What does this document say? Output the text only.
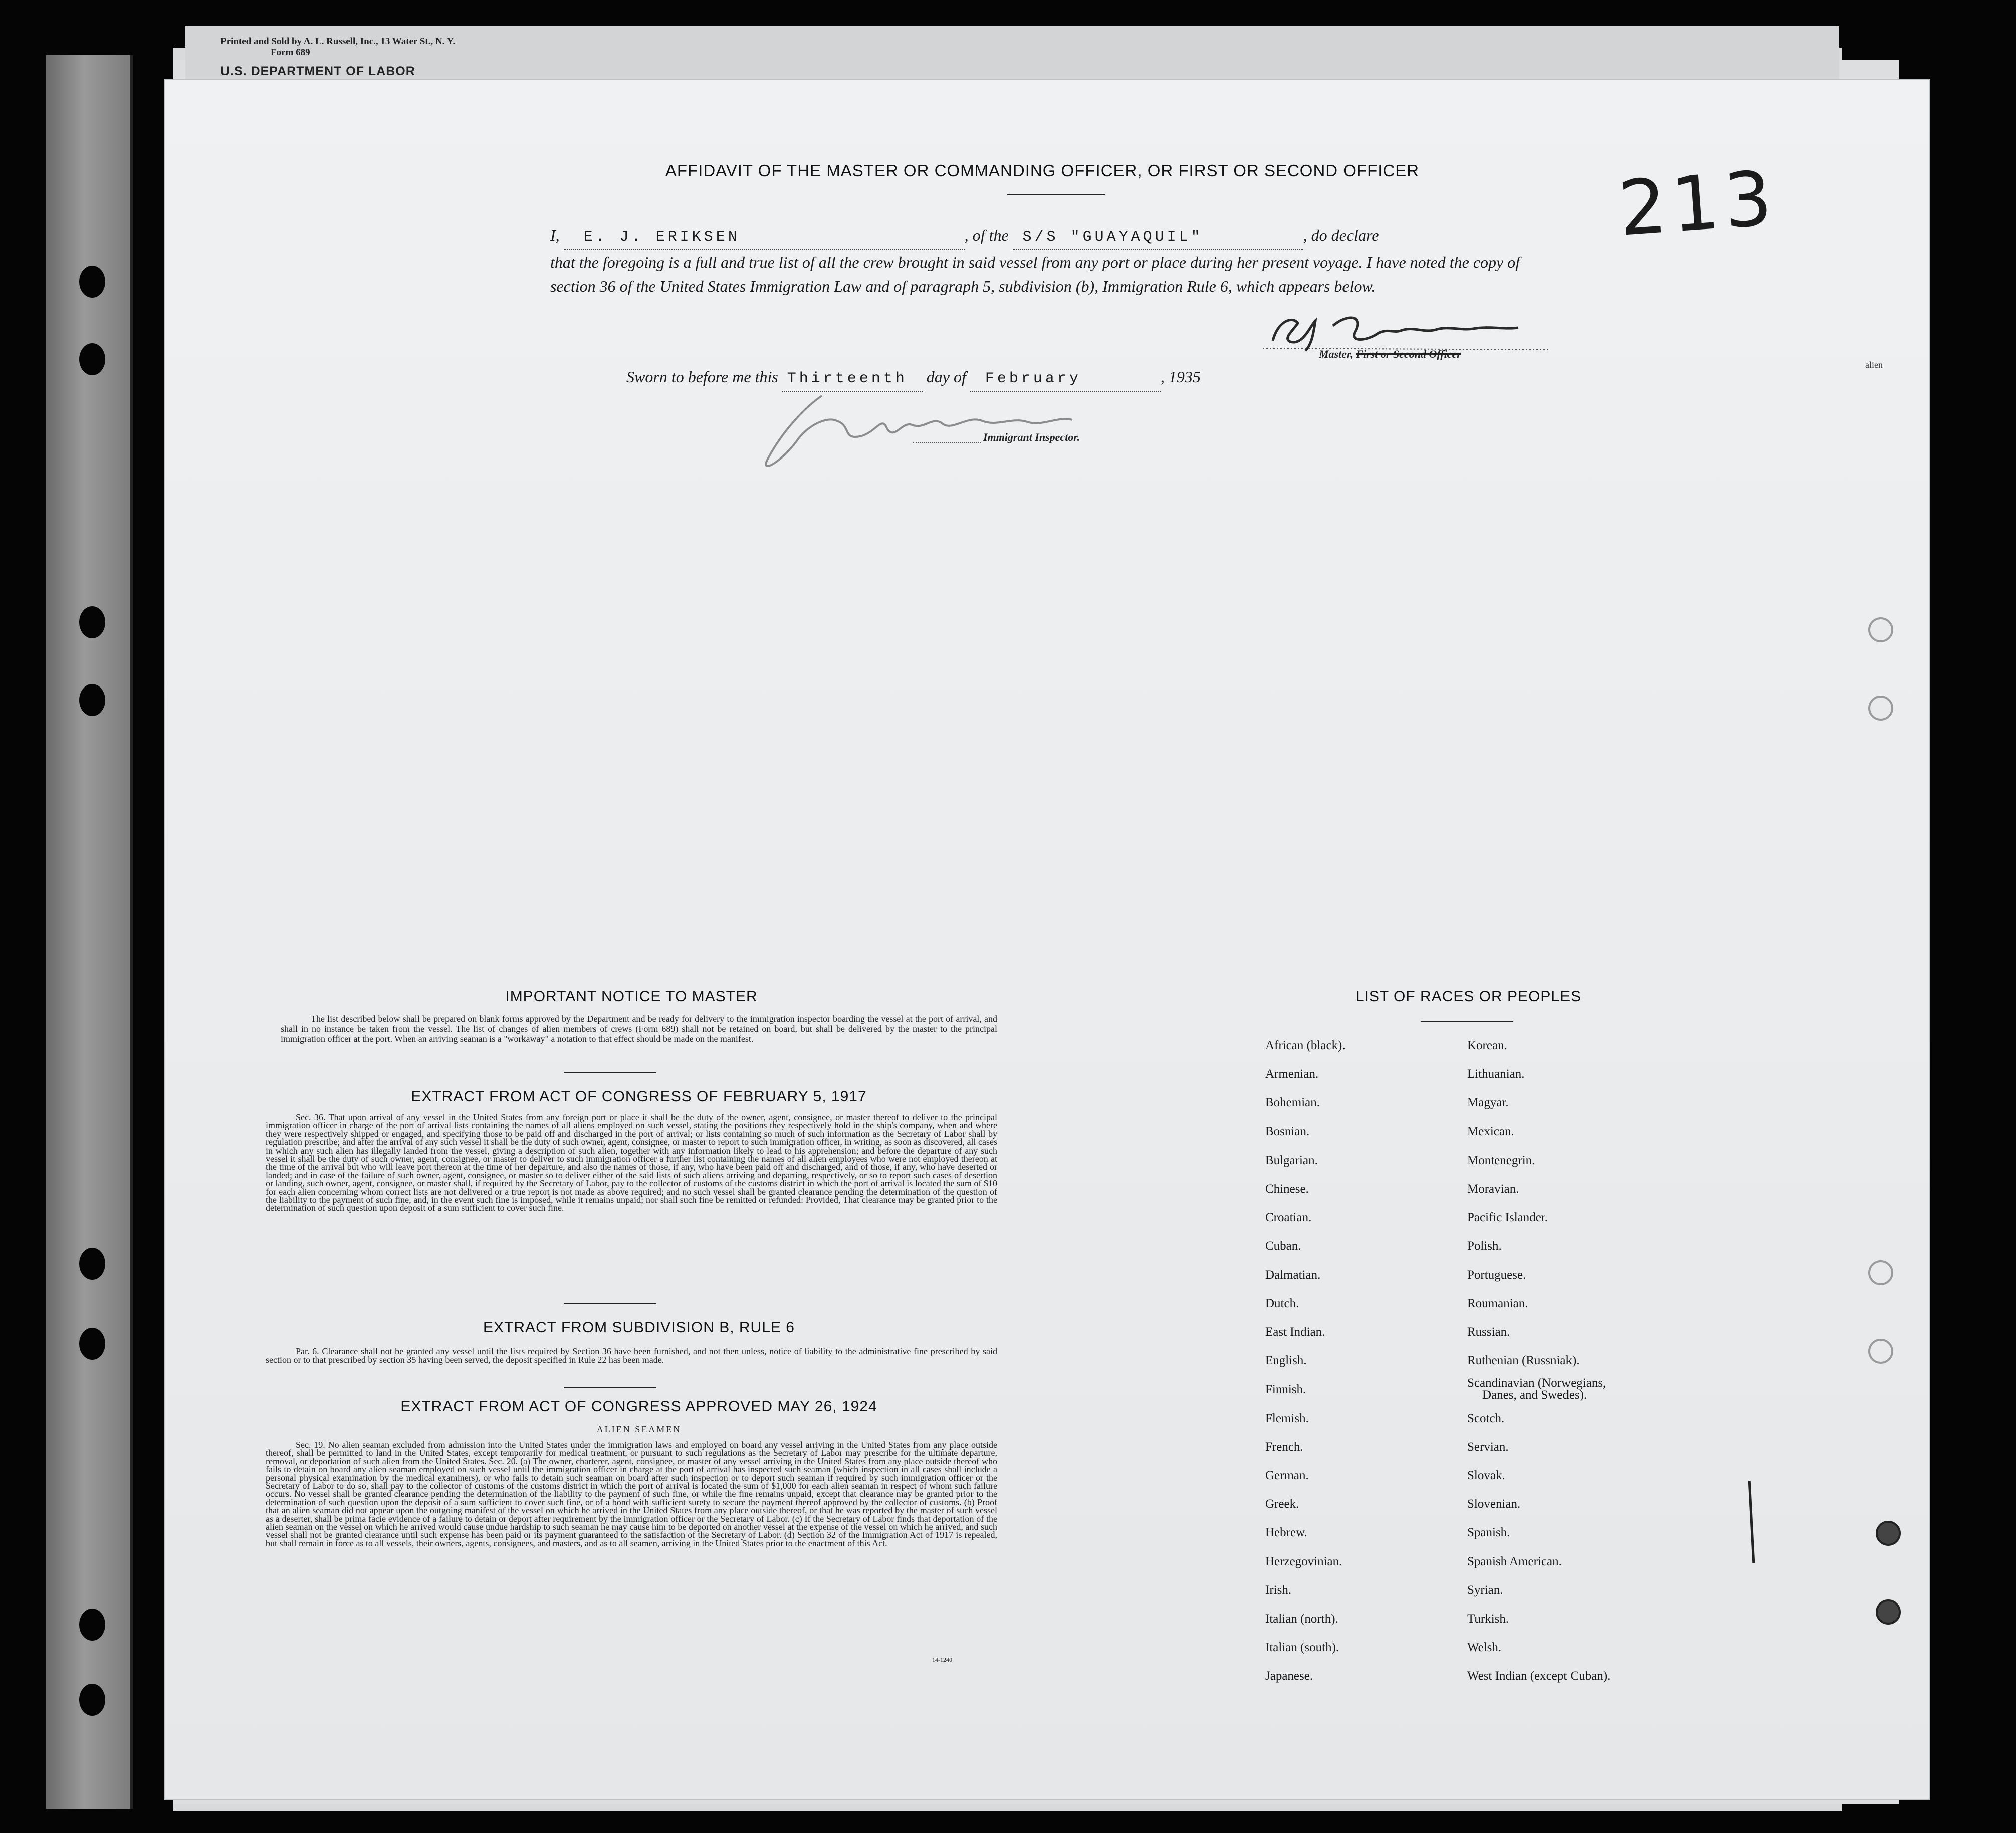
Printed and Sold by A. L. Russell, Inc., 13 Water St., N. Y.
Form 689
U.S. DEPARTMENT OF LABOR
213
AFFIDAVIT OF THE MASTER OR COMMANDING OFFICER, OR FIRST OR SECOND OFFICER
I, E. J. ERIKSEN	, of the S/S "GUAYAQUIL"	, do declare
that the foregoing is a full and true list of all the crew brought in said vessel from any port or place during her present voyage. I have noted the copy of section 36 of the United States Immigration Law and of paragraph 5, subdivision (b), Immigration Rule 6, which appears below.
Master, First or Second Officer
alien
Sworn to before me this Thirteenth day of February	, 1935
Immigrant Inspector.
IMPORTANT NOTICE TO MASTER
The list described below shall be prepared on blank forms approved by the Department and be ready for delivery to the immigration inspector boarding the vessel at the port of arrival, and shall in no instance be taken from the vessel. The list of changes of alien members of crews (Form 689) shall not be retained on board, but shall be delivered by the master to the principal immigration officer at the port. When an arriving seaman is a "workaway" a notation to that effect should be made on the manifest.
EXTRACT FROM ACT OF CONGRESS OF FEBRUARY 5, 1917
Sec. 36. That upon arrival of any vessel in the United States from any foreign port or place it shall be the duty of the owner, agent, consignee, or master thereof to deliver to the principal immigration officer in charge of the port of arrival lists containing the names of all aliens employed on such vessel, stating the positions they respectively hold in the ship's company, when and where they were respectively shipped or engaged, and specifying those to be paid off and discharged in the port of arrival; or lists containing so much of such information as the Secretary of Labor shall by regulation prescribe; and after the arrival of any such vessel it shall be the duty of such owner, agent, consignee, or master to report to such immigration officer, in writing, as soon as discovered, all cases in which any such alien has illegally landed from the vessel, giving a description of such alien, together with any information likely to lead to his apprehension; and before the departure of any such vessel it shall be the duty of such owner, agent, consignee, or master to deliver to such immigration officer a further list containing the names of all alien employees who were not employed thereon at the time of the arrival but who will leave port thereon at the time of her departure, and also the names of those, if any, who have been paid off and discharged, and of those, if any, who have deserted or landed; and in case of the failure of such owner, agent, consignee, or master so to deliver either of the said lists of such aliens arriving and departing, respectively, or so to report such cases of desertion or landing, such owner, agent, consignee, or master shall, if required by the Secretary of Labor, pay to the collector of customs of the customs district in which the port of arrival is located the sum of $10 for each alien concerning whom correct lists are not delivered or a true report is not made as above required; and no such vessel shall be granted clearance pending the determination of the question of the liability to the payment of such fine, and, in the event such fine is imposed, while it remains unpaid; nor shall such fine be remitted or refunded: Provided, That clearance may be granted prior to the determination of such question upon deposit of a sum sufficient to cover such fine.
EXTRACT FROM SUBDIVISION B, RULE 6
Par. 6. Clearance shall not be granted any vessel until the lists required by Section 36 have been furnished, and not then unless, notice of liability to the administrative fine prescribed by said section or to that prescribed by section 35 having been served, the deposit specified in Rule 22 has been made.
EXTRACT FROM ACT OF CONGRESS APPROVED MAY 26, 1924
ALIEN SEAMEN
Sec. 19. No alien seaman excluded from admission into the United States under the immigration laws and employed on board any vessel arriving in the United States from any place outside thereof, shall be permitted to land in the United States, except temporarily for medical treatment, or pursuant to such regulations as the Secretary of Labor may prescribe for the ultimate departure, removal, or deportation of such alien from the United States. Sec. 20. (a) The owner, charterer, agent, consignee, or master of any vessel arriving in the United States from any place outside thereof who fails to detain on board any alien seaman employed on such vessel until the immigration officer in charge at the port of arrival has inspected such seaman (which inspection in all cases shall include a personal physical examination by the medical examiners), or who fails to detain such seaman on board after such inspection or to deport such seaman if required by such immigration officer or the Secretary of Labor to do so, shall pay to the collector of customs of the customs district in which the port of arrival is located the sum of $1,000 for each alien seaman in respect of whom such failure occurs. No vessel shall be granted clearance pending the determination of the liability to the payment of such fine, or while the fine remains unpaid, except that clearance may be granted prior to the determination of such question upon the deposit of a sum sufficient to cover such fine, or of a bond with sufficient surety to secure the payment thereof approved by the collector of customs. (b) Proof that an alien seaman did not appear upon the outgoing manifest of the vessel on which he arrived in the United States from any place outside thereof, or that he was reported by the master of such vessel as a deserter, shall be prima facie evidence of a failure to detain or deport after requirement by the immigration officer or the Secretary of Labor. (c) If the Secretary of Labor finds that deportation of the alien seaman on the vessel on which he arrived would cause undue hardship to such seaman he may cause him to be deported on another vessel at the expense of the vessel on which he arrived, and such vessel shall not be granted clearance until such expense has been paid or its payment guaranteed to the satisfaction of the Secretary of Labor. (d) Section 32 of the Immigration Act of 1917 is repealed, but shall remain in force as to all vessels, their owners, agents, consignees, and masters, and as to all seamen, arriving in the United States prior to the enactment of this Act.
14-1240
LIST OF RACES OR PEOPLES
African (black).
Armenian.
Bohemian.
Bosnian.
Bulgarian.
Chinese.
Croatian.
Cuban.
Dalmatian.
Dutch.
East Indian.
English.
Finnish.
Flemish.
French.
German.
Greek.
Hebrew.
Herzegovinian.
Irish.
Italian (north).
Italian (south).
Japanese.
Korean.
Lithuanian.
Magyar.
Mexican.
Montenegrin.
Moravian.
Pacific Islander.
Polish.
Portuguese.
Roumanian.
Russian.
Ruthenian (Russniak).
Scandinavian (Norwegians,
Danes, and Swedes).
Scotch.
Servian.
Slovak.
Slovenian.
Spanish.
Spanish American.
Syrian.
Turkish.
Welsh.
West Indian (except Cuban).
